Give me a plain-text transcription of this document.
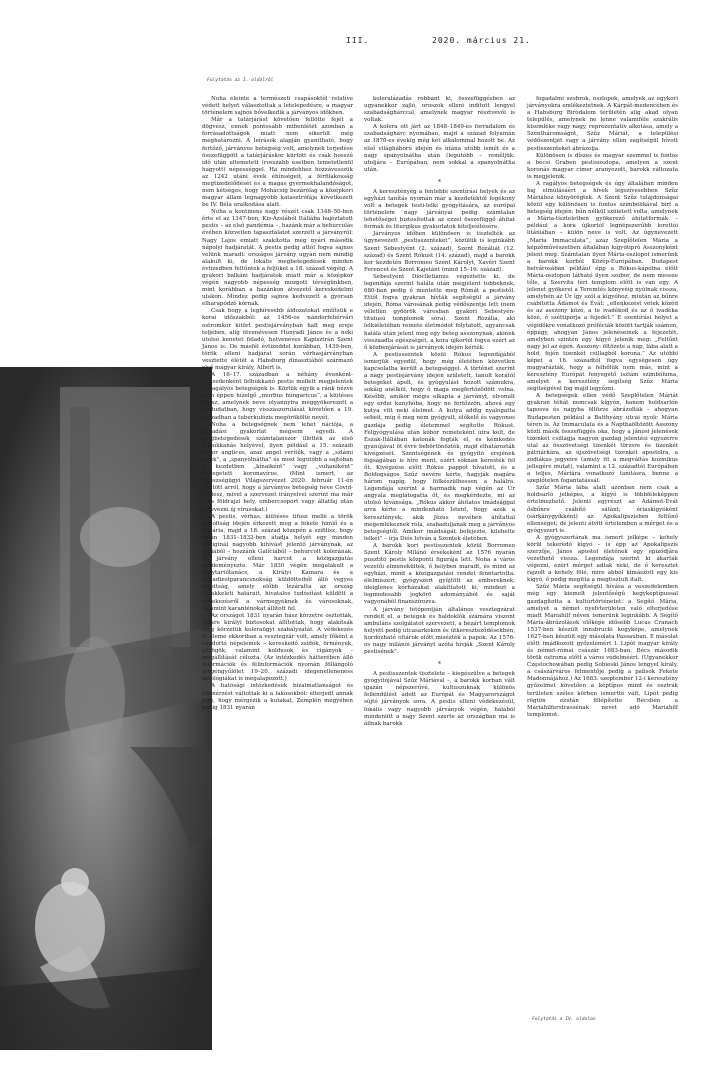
III.	2020. március 21.
Folytatás az I. oldalról

Noha eleinte a természeti csapásoktól relatíve védett helyet választottak a letelepedésre, a magyar történelem sajnos bővelkedik a járványos időkben.

Már a tatárjárást követően fellötte fejét a dögvész, ennek pontosabb mibenlétét azonban a forrásadottságok miatt nem sikerült még meghatározni. A leírások alapján gyanítható, hogy fertőző, járványos betegség volt, amelynek terjedése összefüggött a tatárjáráskor kiirtott és csak hosszú idő után eltemetett (rosszabb esetben temetetlenül hagyott) népességgel. Ha mindehhez hozzávesszük az 1242 utáni évek éhínségeit, a férfilakosság megtizedelődését és a magas gyermekhalandóságot, nem kétséges, hogy Mohácsig bezárólag a középkori magyar állam legnagyobb katasztrófája következett be IV. Béla uralkodása alatt.

Noha a kontinens nagy részét csak 1348–50-ben érte el az 1347-ben, Kis-Ázsiából Itáliába hajóztatott pestis – az első pandémia –, hazánk már a behurcolás évében közvetlen tapasztalatot szerzett a járványról: Nagy Lajos emiatt szakította meg nyári második nápolyi hadjáratát. A pestis pedig attól fogva sajnos velünk maradt: országos járvány ugyan nem mindig alakult ki, de lokális megbetegedések minden évtizedben feltűntek a feljüket a 18. század végéig. A gyakori balkáni hadjáratok miatt már a középkor végén nagyobb népesség mozgott térségünkben, mint korábban a hazánkon átvezető kereskedelmi utakon. Mindez pedig sajnos kedvezett a gyorsan elharapódzó kórnak.

Csak hogy a leghíresebb áldozatokat említsük e korai időszakból: az 1456-os nándorfehérvári ostromkor kitört pestisjárványban halt meg ereje teljében, alig ötvenévesen Hunyadi János és a neki utolsó kenetet feladó, hetvenéves Kapisztrán Szent János is. De másfél évtizeddel korábban, 1439-ben, török elleni hadjárat során vérhasjárványban vesztette életét a Habsburg dinasztiából származó első magyar király, Albert is.

A 16–17. században a néhány évenként-évtizedenként felbukkanó pestis mellett megjelentek új ragályos betegségek is. Köztük egyik a ránk nézve nem éppen hízelgő „morbus hungaricus”, a kiütéses tífusz, amelynek neve olyannyira meggyökerezett a köztudatban, hogy visszaszorulását követően a 19. században a tuberkulózis megörökölte nevét.

Noha a betegségnek nem lehet nációja, a névadási gyakorlat mégsem egyedi. A megbetegedések számtalanszor illették az első felbukkanás helyével, ilyen például a 15. századi sudor anglicus, azaz angol veríték, vagy a „szlámi ikrek”, a „spanyolnátha” és most legutóbb a sajtóban is kezdetben „kínaiként” vagy „vuhaniként” emlegetett koronavírus. (Mint ismert, az Egészségügyi Világszervezet 2020. február 11-én döntött arról, hogy a járványos betegség neve Covid-19 lesz, mivel a szervezet irányelvei szerint ma már tilos földrajzi hely, embercsoport vagy állatfaj után elnevezni új vírusokat.)

A pestis, vérhas, kiütéses tífusz mellé a török hódoltság idején érkezett meg a fekete himlő és a malária, majd a 18. század közepén a szifilisz, hogy aztán 1831–1832-ben átadja helyét egy minden addiginál nagyobb kihívást jelentő járványnak, az Indiából – hozzánk Galíciából – behurcolt kolerának. A járvány elleni harcot a közigazgatás kezdeményezte. Már 1830 végén megalakult a Helytartótanács, a Királyi Kamara és a Főhadtestparancsnokság küldötteiből álló vegyes bizottság, amely előbb lezáratta az ország északkeleti határait, hivatalos tudósítást küldött a védekezésről a vármegyéknek és városoknak, valamint karanténokat állított fel.

Az országot 1831 nyarán hász körzetre osztották, élükre királyi biztosokat állítottak, hogy alakítsák meg körzetük koleraügyi szabályzatát. A védekezés fő eleme ekkoriban a vesztegzár volt, amely főként a vándorló népelemek – kereskedő zsidók, örmények, görögök, valamint koldusok és cigányok – megállítását célozta. (Az intézkedés hátterében álló információk és félinformációk nyomán föllángoló idegengyűlölet 19–20. századi idegenelleneness ideológiákat is megalapozott.)

A hatósági intézkedések bizalmatlanságot és ellenérzést váltottak ki a lakosokból: elterjedt annak híre, hogy mérgezik a kutakat, Zemplén megyében pedig 1831 nyarán

koleralázadás robbant ki, összefüggésben az ugyanekkor zajló, oroszok elleni indított lengyel szabadságharccal, amelynek magyar résztvevői is voltak.

A kolera ott járt az 1848–1849-es forradalom és szabadságharc nyomában, majd a század folyamán az 1870-es évekig még két alkalommal hozott be. Az első világháború idején és utána utóbb ismét és a nagy spanyolnátha után (legutóbb – reméljük: utoljára – Európában, nem sokkal a spanyolnátha után.

*

A keresztényég a fentebbi szentírási helyek és az egyházi tanítás nyomán már a kezdetektől fogékony volt a betegek testi-lelki gyógyítására, az európai történelem nagy járványai pedig számtalan lehetőséget biztosítottak az ezzel összefüggő áhítat formák és liturgikus gyakorlatok kiteljesítésére.

Járványos időben különösen is tisztelték az úgynevezett „pestisszenteket”, közülük is leginkább Szent Sebestyént (2. század), Szent Rozáliát (12. század) és Szent Rókust (14. század), majd a barokk kor kezdetén Borromeo Szent Károlyt, Xavéri Szent Ferencet és Szent Kajetánt (mind 15–16. század).

Sebestyént Dioclletianus végeztette ki, de legendája szerint halála után megjelent tobbeknek, 680-ban pedig ő mentette meg Rómát a pestistől. Ettől fogva gyakran hívták segítségül a járvány idején, Róma városának pedig védőszentje lett (nem véletlen gyöörök városban gyakori Sebestyén-titulusú templomok sora). Szent Rozália, aki lelkiéletéban remete életmódot folytatott, ugyancsak halála után jelent meg egy beteg asszonynak, akinek visszaadta egészségét, a kora újkortól fogva ezért az ő közbenjárását is járványok idején kérték.

A pestisszentek közül Rókus legendájából ismerjük egyedül, hogy még életében közvetlen kapcsolatba került a betegséggel. A történet szerint a nagy pestisjárvány idején született, tanult korától betegeket ápolt, és gyógyulást hozott számukra, sokáig anélkül, hogy ő maga megfertőződött volna. Később, amikor mégis elkapta a járványt, elvonult egy erdei kunyhóba, hogy ne fertőzzön, ahová egy kutya vitt neki élelmet. A kutya addig nyalogatta sebeit, míg ő meg nem gyógyult, előkelő és vagyonos gazdája pedig életemmel segítette Rókust. Felgyógyulása után kóbor remeteként útra kelt, de Észak-Itáliában katonák fogták el, és kémkedés gyanújával öt évre bebörtönözték, majd elhatározták kivégzését. Szentségének és gyógyító erejének fogságában is híre ment, ezért soknan keresték fel őt. Kivégzése előtt Rókus pappot hívatott, és a Boldogságos Szűz nevére kérte, hagyják magára három napig, hogy fölkészülhessen a halálra. Legendája szerint a harmadik nap végén az Úr angyala meglátogatta őt, és megkérdezte, mi az utolsó kívánsága. „Rókus akkor áhítatos imádsággal arra kérte a mindenható Istent, hogy azok a keresztények, akik Jézus nevében áhítattal megemlékeznek róla, szabaduljanak meg a járványos betegségtől. Amikor imádságát befejezte, kilehelte lelkét” – írja Diós István a Szentek életében.

A barokk kori pestisszentek közül Borromeo Szent Károly Milánó érsekeként az 1576 nyarán pusztító pestis központi figurája lett. Noha a város vezetői elmenekültek, ő helyben maradt, és mind az egyházi, mind a közigazgatási rendet fenntartotta: élelmiszert, gyógyszert gyűjtött az embereknek, ideiglenes kórházakat alakíttatott ki, mindezt a legmodesabb jogkörö adományából és saját vagyonából finanszírozva.

A járvány tetőpontján általános vesztegzárat rendelt el, a betegek és haldoklók számára viszont ambuláns szolgálatot szervezett, a bezárt templomok helyett pedig utcasarkokon és útkereszteződésekben, hordozható oltárok előtt misézték a papok. Az 1576-os nagy milánói járványt azóta hívják „Szent Károly pestisének”.

*

A pestisszentek tisztelete – kiegészülve a betegek gyógyítójával Szűz Máriával –, a barokk korban vált igazán népszerűvé, kultuszuknak különös fellendülést adott az Európát és Magyarországot sújtó járványok sora. A pestis elleni védekezésül, lokális vagy nagyobb járványok végén, hálából mindenütt a nagy Szent szerte az országban ma is állnak barokk

fogadalmi szobrok, oszlopok, amelyek az egykori járványokra emlékeztetnek. A Kárpát-medencében és a Habsburg Birodalom területén alig akad olyan település, amelynek ne lenne valamiféle szakrális kisemléke vagy nagy, reprezentatív alkotása, amely a Szentháromságot, Szűz Máriát, a települési védőszentjét vagy a járvány ellen segítségül hívott pestisszenteket ábrázolja.

Különösen is díszes és magyar szemmel is fontos a bécsi Graben pestisoszlopa, amelyen a szent koronás magyar címer aranyozott, barokk változata is megjelenik.

A ragályos betegségek és úgy általában minden baj elmúlásáért a hívek legszívesebben Szűz Máriához könyörögtek. A Szent Szűz tulajdonságai közül egy különösen is fontos szimbolikával bírt a betegség idején: bűn nélkül született volta, amelynek a Mária-tiszteletben gyökerező áhítatformák – például a kora újkortól legnépszerűbb lorettói litániában – külön neve is volt. Az úgynevezett „Maria Immaculata”, azaz Szeplőtelen Mária a képzőművészetben általában kígyótipró Asszonyként jelent meg. Számtalan ilyen Mária-oszlopot ismerünk a barokk korból Közép-Európában. Budapest belvárosában például épp a Rókus-kápolna előtt Mária-oszlopon látható ilyen szobor, de nem messze tőle, a Szervita téri templom előtt is van egy. A jelenet gyökerei a Teremtés könyvéig nyúlnak vissza, amelyben az Úr így szól a kígyóhoz, miután az bűnre csábította Ádámot és Évát: „ellenkezést vetek közéd és az asszony közé, a te ivadékod és az ő ivadéka közé, ő széttiporja a fejedet.” E szentírási helyet a végidőkre vonatkozó próféciák között tartják számon, éppúgy, ahogyan János jelenéseinek a fejezetét, amelyben szintén egy kígyó jelenik meg: „Feltűnt nagy jel az égen. Asszony: öltözete a nap, lába alatt a hold, fején tizenkét csillagból korona.” Az utóbbi képet a 16. századtól fogva egységesen úgy magyarázták, hogy a felhőlük nem más, mint a keresztény Európát fenyegető iszlám szimbóluma, amelyet a keresztény segítség Szűz Mária segítségével fog majd legyőzni.

A betegségek ellen védő Szeplőtelen Máriát gyakran téhát nemcsak kígyón, hanem holdsarlón taposva és nagyba öltözve ábrázolták – ahogyan Budapesten például a Batthyány utcai nyolc Mária téren is. Az Immaculata és a Naptbaöltözött Asszony közti másik összefüggés oka, hogy a jánosi jelenések tizenkét csillagja nagyon gazdag jelentési egyszerre utal az összövetségi tizenkét törzsre és tizenkét pátriárkára, az újszövetségi tizenkét apostolra, a zodiákus jegyeire (amely itt a megváltás kozmikus jellegére mutat), valamint a 12. századtól Európában a teljes, Máriára vonatkozó tanításra, benne a szeplőtelen fogantatással.

Szűz Mária lába alatt azonban nem csak a holdsarló jelképes, a kígyó is többféleképpen értelmezhető. Jelenti egyrészt az Ádámot-Évát ősbűnre csábító sátánt; óriáskígyóként (sárkánygyíkként) az Apokalipszisben feltűnő ellenséget; de jelenti átvitt értelemben a mérget és a gyógyszert is.

A gyógyszertárak ma ismert jelképe – kehely körül tekeredő kígyó – is épp az Apokalipszis szerzője, János apostol életének egy epizódjára vezethető vissza. Legendája szerint ki akarták végezni, ezért mérget adtak neki, de ő keresztet rajzolt a kehely fölé, mire abból kimászott egy kis kígyó, ő pedig megitta a megtisztult italt.

Szűz Mária segítségül hívása a veszedelemben még egy kiemelt jelentőségű kegyképtípussal gazdagította a kultúrtörténetet: a Segítő Mária, amelyet a német nyelvterületen való elterjedése miatt Mariahilf néven ismerünk leginkább. A Segítő Mária-ábrázolások előképe idősebb Lucas Cranach 1537-ben készült innsbrucki kegyképe, amelynek 1627-ben készült egy másolata Passauban. E másolat előtt imádkozott győzelemért I. Lipót magyar király és német-római császár 1683-ban, Bécs második török ostroma előtt a város védelméért. (Ugyanekkor Częstochowában pedig Sobieski János lengyel király, a császárváros felmentője pedig a palisok Fekete Madonnájához.) Az 1683. szeptember 12-i keresztény győzelmet követően a képtípus mind és osztrák területen széles körben ismertté vált, Lipót pedig rögtön ezután fölépítette Bécsben a Mariahilferstrassénak nevet adó Mariahilf templomot.

Folytatás a IV. oldalon
